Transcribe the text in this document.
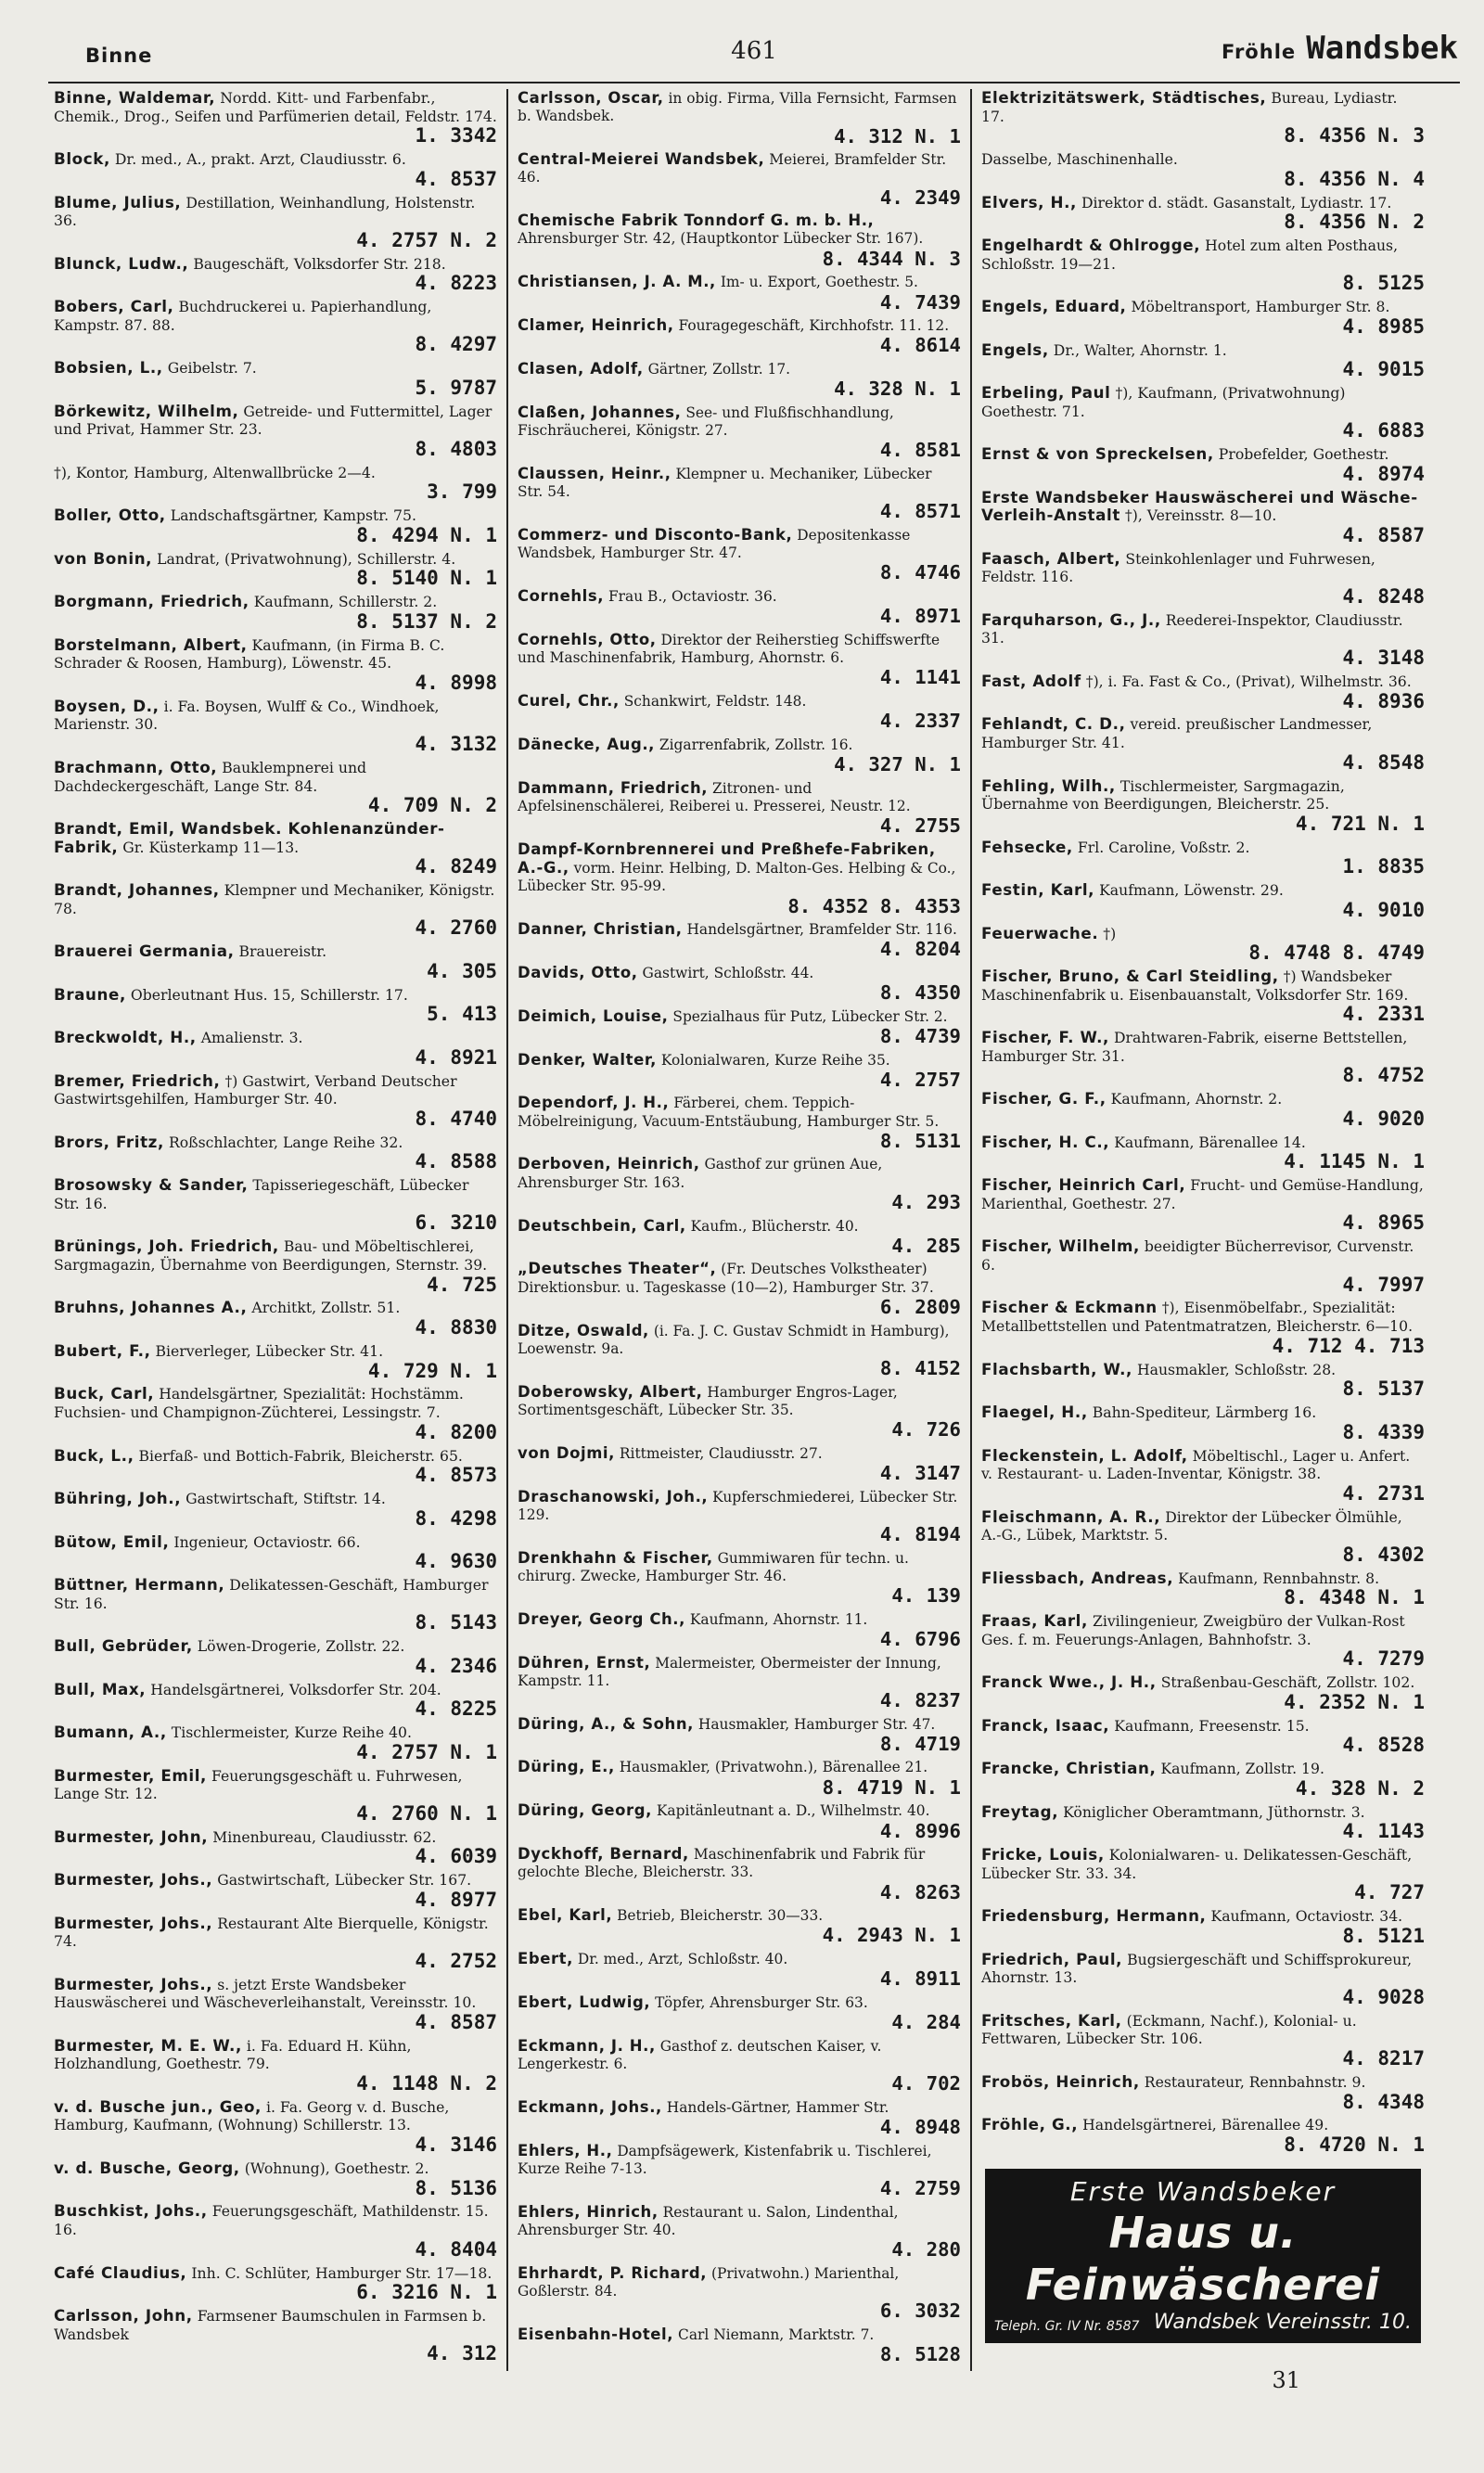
Binne	461	Fröhle Wandsbek
Binne, Waldemar, Nordd. Kitt- und Farbenfabr., Chemik., Drog., Seifen und Parfümerien detail, Feldstr. 174.
1. 3342
Block, Dr. med., A., prakt. Arzt, Claudiusstr. 6.
4. 8537
Blume, Julius, Destillation, Weinhandlung, Holstenstr. 36.
4. 2757 N. 2
Blunck, Ludw., Baugeschäft, Volksdorfer Str. 218.
4. 8223
Bobers, Carl, Buchdruckerei u. Papierhandlung, Kampstr. 87. 88.
8. 4297
Bobsien, L., Geibelstr. 7.
5. 9787
Börkewitz, Wilhelm, Getreide- und Futtermittel, Lager und Privat, Hammer Str. 23.
8. 4803
†), Kontor, Hamburg, Altenwallbrücke 2—4.
3. 799
Boller, Otto, Landschaftsgärtner, Kampstr. 75.
8. 4294 N. 1
von Bonin, Landrat, (Privatwohnung), Schillerstr. 4.
8. 5140 N. 1
Borgmann, Friedrich, Kaufmann, Schillerstr. 2.
8. 5137 N. 2
Borstelmann, Albert, Kaufmann, (in Firma B. C. Schrader & Roosen, Hamburg), Löwenstr. 45.
4. 8998
Boysen, D., i. Fa. Boysen, Wulff & Co., Windhoek, Marienstr. 30.
4. 3132
Brachmann, Otto, Bauklempnerei und Dachdeckergeschäft, Lange Str. 84.
4. 709 N. 2
Brandt, Emil, Wandsbek. Kohlenanzünder-Fabrik, Gr. Küsterkamp 11—13.
4. 8249
Brandt, Johannes, Klempner und Mechaniker, Königstr. 78.
4. 2760
Brauerei Germania, Brauereistr.
4. 305
Braune, Oberleutnant Hus. 15, Schillerstr. 17.
5. 413
Breckwoldt, H., Amalienstr. 3.
4. 8921
Bremer, Friedrich, †) Gastwirt, Verband Deutscher Gastwirtsgehilfen, Hamburger Str. 40.
8. 4740
Brors, Fritz, Roßschlachter, Lange Reihe 32.
4. 8588
Brosowsky & Sander, Tapisseriegeschäft, Lübecker Str. 16.
6. 3210
Brünings, Joh. Friedrich, Bau- und Möbeltischlerei, Sargmagazin, Übernahme von Beerdigungen, Sternstr. 39.
4. 725
Bruhns, Johannes A., Architkt, Zollstr. 51.
4. 8830
Bubert, F., Bierverleger, Lübecker Str. 41.
4. 729 N. 1
Buck, Carl, Handelsgärtner, Spezialität: Hochstämm. Fuchsien- und Champignon-Züchterei, Lessingstr. 7.
4. 8200
Buck, L., Bierfaß- und Bottich-Fabrik, Bleicherstr. 65.
4. 8573
Bühring, Joh., Gastwirtschaft, Stiftstr. 14.
8. 4298
Bütow, Emil, Ingenieur, Octaviostr. 66.
4. 9630
Büttner, Hermann, Delikatessen-Geschäft, Hamburger Str. 16.
8. 5143
Bull, Gebrüder, Löwen-Drogerie, Zollstr. 22.
4. 2346
Bull, Max, Handelsgärtnerei, Volksdorfer Str. 204.
4. 8225
Bumann, A., Tischlermeister, Kurze Reihe 40.
4. 2757 N. 1
Burmester, Emil, Feuerungsgeschäft u. Fuhrwesen, Lange Str. 12.
4. 2760 N. 1
Burmester, John, Minenbureau, Claudiusstr. 62.
4. 6039
Burmester, Johs., Gastwirtschaft, Lübecker Str. 167.
4. 8977
Burmester, Johs., Restaurant Alte Bierquelle, Königstr. 74.
4. 2752
Burmester, Johs., s. jetzt Erste Wandsbeker Hauswäscherei und Wäscheverleihanstalt, Vereinsstr. 10.
4. 8587
Burmester, M. E. W., i. Fa. Eduard H. Kühn, Holzhandlung, Goethestr. 79.
4. 1148 N. 2
v. d. Busche jun., Geo, i. Fa. Georg v. d. Busche, Hamburg, Kaufmann, (Wohnung) Schillerstr. 13.
4. 3146
v. d. Busche, Georg, (Wohnung), Goethestr. 2.
8. 5136
Buschkist, Johs., Feuerungsgeschäft, Mathildenstr. 15. 16.
4. 8404
Café Claudius, Inh. C. Schlüter, Hamburger Str. 17—18.
6. 3216 N. 1
Carlsson, John, Farmsener Baumschulen in Farmsen b. Wandsbek
4. 312
Carlsson, Oscar, in obig. Firma, Villa Fernsicht, Farmsen b. Wandsbek.
4. 312 N. 1
Central-Meierei Wandsbek, Meierei, Bramfelder Str. 46.
4. 2349
Chemische Fabrik Tonndorf G. m. b. H., Ahrensburger Str. 42, (Hauptkontor Lübecker Str. 167).
8. 4344 N. 3
Christiansen, J. A. M., Im- u. Export, Goethestr. 5.
4. 7439
Clamer, Heinrich, Fouragegeschäft, Kirchhofstr. 11. 12.
4. 8614
Clasen, Adolf, Gärtner, Zollstr. 17.
4. 328 N. 1
Claßen, Johannes, See- und Flußfischhandlung, Fischräucherei, Königstr. 27.
4. 8581
Claussen, Heinr., Klempner u. Mechaniker, Lübecker Str. 54.
4. 8571
Commerz- und Disconto-Bank, Depositenkasse Wandsbek, Hamburger Str. 47.
8. 4746
Cornehls, Frau B., Octaviostr. 36.
4. 8971
Cornehls, Otto, Direktor der Reiherstieg Schiffswerfte und Maschinenfabrik, Hamburg, Ahornstr. 6.
4. 1141
Curel, Chr., Schankwirt, Feldstr. 148.
4. 2337
Dänecke, Aug., Zigarrenfabrik, Zollstr. 16.
4. 327 N. 1
Dammann, Friedrich, Zitronen- und Apfelsinenschälerei, Reiberei u. Presserei, Neustr. 12.
4. 2755
Dampf-Kornbrennerei und Preßhefe-Fabriken, A.-G., vorm. Heinr. Helbing, D. Malton-Ges. Helbing & Co., Lübecker Str. 95-99.
8. 4352 8. 4353
Danner, Christian, Handelsgärtner, Bramfelder Str. 116.
4. 8204
Davids, Otto, Gastwirt, Schloßstr. 44.
8. 4350
Deimich, Louise, Spezialhaus für Putz, Lübecker Str. 2.
8. 4739
Denker, Walter, Kolonialwaren, Kurze Reihe 35.
4. 2757
Dependorf, J. H., Färberei, chem. Teppich-Möbelreinigung, Vacuum-Entstäubung, Hamburger Str. 5.
8. 5131
Derboven, Heinrich, Gasthof zur grünen Aue, Ahrensburger Str. 163.
4. 293
Deutschbein, Carl, Kaufm., Blücherstr. 40.
4. 285
„Deutsches Theater“, (Fr. Deutsches Volkstheater) Direktionsbur. u. Tageskasse (10—2), Hamburger Str. 37.
6. 2809
Ditze, Oswald, (i. Fa. J. C. Gustav Schmidt in Hamburg), Loewenstr. 9a.
8. 4152
Doberowsky, Albert, Hamburger Engros-Lager, Sortimentsgeschäft, Lübecker Str. 35.
4. 726
von Dojmi, Rittmeister, Claudiusstr. 27.
4. 3147
Draschanowski, Joh., Kupferschmiederei, Lübecker Str. 129.
4. 8194
Drenkhahn & Fischer, Gummiwaren für techn. u. chirurg. Zwecke, Hamburger Str. 46.
4. 139
Dreyer, Georg Ch., Kaufmann, Ahornstr. 11.
4. 6796
Dühren, Ernst, Malermeister, Obermeister der Innung, Kampstr. 11.
4. 8237
Düring, A., & Sohn, Hausmakler, Hamburger Str. 47.
8. 4719
Düring, E., Hausmakler, (Privatwohn.), Bärenallee 21.
8. 4719 N. 1
Düring, Georg, Kapitänleutnant a. D., Wilhelmstr. 40.
4. 8996
Dyckhoff, Bernard, Maschinenfabrik und Fabrik für gelochte Bleche, Bleicherstr. 33.
4. 8263
Ebel, Karl, Betrieb, Bleicherstr. 30—33.
4. 2943 N. 1
Ebert, Dr. med., Arzt, Schloßstr. 40.
4. 8911
Ebert, Ludwig, Töpfer, Ahrensburger Str. 63.
4. 284
Eckmann, J. H., Gasthof z. deutschen Kaiser, v. Lengerkestr. 6.
4. 702
Eckmann, Johs., Handels-Gärtner, Hammer Str.
4. 8948
Ehlers, H., Dampfsägewerk, Kistenfabrik u. Tischlerei, Kurze Reihe 7-13.
4. 2759
Ehlers, Hinrich, Restaurant u. Salon, Lindenthal, Ahrensburger Str. 40.
4. 280
Ehrhardt, P. Richard, (Privatwohn.) Marienthal, Goßlerstr. 84.
6. 3032
Eisenbahn-Hotel, Carl Niemann, Marktstr. 7.
8. 5128
Elektrizitätswerk, Städtisches, Bureau, Lydiastr. 17.
8. 4356 N. 3
Dasselbe, Maschinenhalle.
8. 4356 N. 4
Elvers, H., Direktor d. städt. Gasanstalt, Lydiastr. 17.
8. 4356 N. 2
Engelhardt & Ohlrogge, Hotel zum alten Posthaus, Schloßstr. 19—21.
8. 5125
Engels, Eduard, Möbeltransport, Hamburger Str. 8.
4. 8985
Engels, Dr., Walter, Ahornstr. 1.
4. 9015
Erbeling, Paul †), Kaufmann, (Privatwohnung) Goethestr. 71.
4. 6883
Ernst & von Spreckelsen, Probefelder, Goethestr.
4. 8974
Erste Wandsbeker Hauswäscherei und Wäsche-Verleih-Anstalt †), Vereinsstr. 8—10.
4. 8587
Faasch, Albert, Steinkohlenlager und Fuhrwesen, Feldstr. 116.
4. 8248
Farquharson, G., J., Reederei-Inspektor, Claudiusstr. 31.
4. 3148
Fast, Adolf †), i. Fa. Fast & Co., (Privat), Wilhelmstr. 36.
4. 8936
Fehlandt, C. D., vereid. preußischer Landmesser, Hamburger Str. 41.
4. 8548
Fehling, Wilh., Tischlermeister, Sargmagazin, Übernahme von Beerdigungen, Bleicherstr. 25.
4. 721 N. 1
Fehsecke, Frl. Caroline, Voßstr. 2.
1. 8835
Festin, Karl, Kaufmann, Löwenstr. 29.
4. 9010
Feuerwache. †)
8. 4748 8. 4749
Fischer, Bruno, & Carl Steidling, †) Wandsbeker Maschinenfabrik u. Eisenbauanstalt, Volksdorfer Str. 169.
4. 2331
Fischer, F. W., Drahtwaren-Fabrik, eiserne Bettstellen, Hamburger Str. 31.
8. 4752
Fischer, G. F., Kaufmann, Ahornstr. 2.
4. 9020
Fischer, H. C., Kaufmann, Bärenallee 14.
4. 1145 N. 1
Fischer, Heinrich Carl, Frucht- und Gemüse-Handlung, Marienthal, Goethestr. 27.
4. 8965
Fischer, Wilhelm, beeidigter Bücherrevisor, Curvenstr. 6.
4. 7997
Fischer & Eckmann †), Eisenmöbelfabr., Spezialität: Metallbettstellen und Patentmatratzen, Bleicherstr. 6—10.
4. 712 4. 713
Flachsbarth, W., Hausmakler, Schloßstr. 28.
8. 5137
Flaegel, H., Bahn-Spediteur, Lärmberg 16.
8. 4339
Fleckenstein, L. Adolf, Möbeltischl., Lager u. Anfert. v. Restaurant- u. Laden-Inventar, Königstr. 38.
4. 2731
Fleischmann, A. R., Direktor der Lübecker Ölmühle, A.-G., Lübek, Marktstr. 5.
8. 4302
Fliessbach, Andreas, Kaufmann, Rennbahnstr. 8.
8. 4348 N. 1
Fraas, Karl, Zivilingenieur, Zweigbüro der Vulkan-Rost Ges. f. m. Feuerungs-Anlagen, Bahnhofstr. 3.
4. 7279
Franck Wwe., J. H., Straßenbau-Geschäft, Zollstr. 102.
4. 2352 N. 1
Franck, Isaac, Kaufmann, Freesenstr. 15.
4. 8528
Francke, Christian, Kaufmann, Zollstr. 19.
4. 328 N. 2
Freytag, Königlicher Oberamtmann, Jüthornstr. 3.
4. 1143
Fricke, Louis, Kolonialwaren- u. Delikatessen-Geschäft, Lübecker Str. 33. 34.
4. 727
Friedensburg, Hermann, Kaufmann, Octaviostr. 34.
8. 5121
Friedrich, Paul, Bugsiergeschäft und Schiffsprokureur, Ahornstr. 13.
4. 9028
Fritsches, Karl, (Eckmann, Nachf.), Kolonial- u. Fettwaren, Lübecker Str. 106.
4. 8217
Frobös, Heinrich, Restaurateur, Rennbahnstr. 9.
8. 4348
Fröhle, G., Handelsgärtnerei, Bärenallee 49.
8. 4720 N. 1
Erste Wandsbeker
Haus u. Feinwäscherei
Teleph. Gr. IV Nr. 8587 Wandsbek Vereinsstr. 10.
31
